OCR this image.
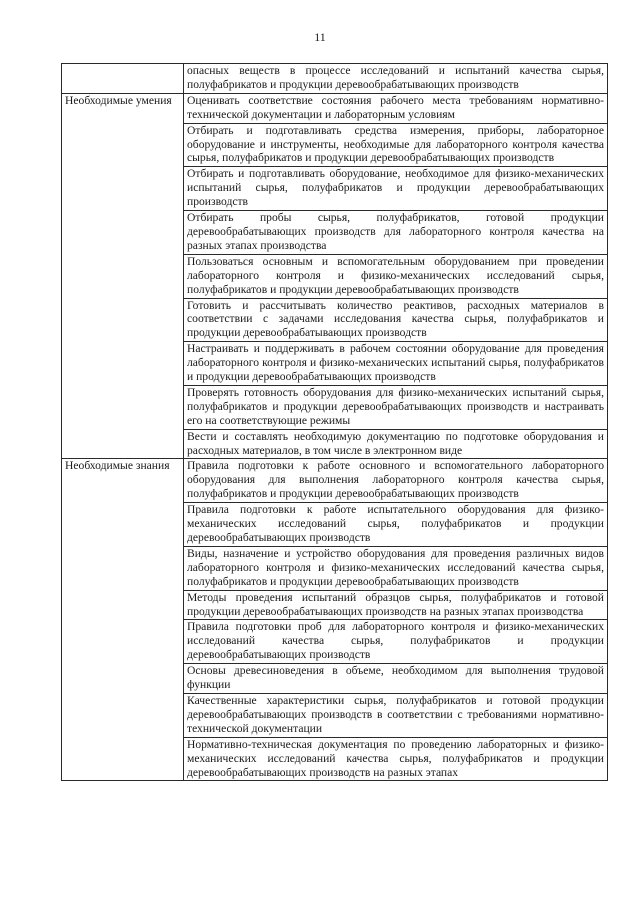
11
	опасных веществ в процессе исследований и испытаний качества сырья, полуфабрикатов и продукции деревообрабатывающих производств
Необходимые умения	Оценивать соответствие состояния рабочего места требованиям нормативно-технической документации и лабораторным условиям
	Отбирать и подготавливать средства измерения, приборы, лабораторное оборудование и инструменты, необходимые для лабораторного контроля качества сырья, полуфабрикатов и продукции деревообрабатывающих производств
	Отбирать и подготавливать оборудование, необходимое для физико-механических испытаний сырья, полуфабрикатов и продукции деревообрабатывающих производств
	Отбирать пробы сырья, полуфабрикатов, готовой продукции деревообрабатывающих производств для лабораторного контроля качества на разных этапах производства
	Пользоваться основным и вспомогательным оборудованием при проведении лабораторного контроля и физико-механических исследований сырья, полуфабрикатов и продукции деревообрабатывающих производств
	Готовить и рассчитывать количество реактивов, расходных материалов в соответствии с задачами исследования качества сырья, полуфабрикатов и продукции деревообрабатывающих производств
	Настраивать и поддерживать в рабочем состоянии оборудование для проведения лабораторного контроля и физико-механических испытаний сырья, полуфабрикатов и продукции деревообрабатывающих производств
	Проверять готовность оборудования для физико-механических испытаний сырья, полуфабрикатов и продукции деревообрабатывающих производств и настраивать его на соответствующие режимы
	Вести и составлять необходимую документацию по подготовке оборудования и расходных материалов, в том числе в электронном виде
Необходимые знания	Правила подготовки к работе основного и вспомогательного лабораторного оборудования для выполнения лабораторного контроля качества сырья, полуфабрикатов и продукции деревообрабатывающих производств
	Правила подготовки к работе испытательного оборудования для физико-механических исследований сырья, полуфабрикатов и продукции деревообрабатывающих производств
	Виды, назначение и устройство оборудования для проведения различных видов лабораторного контроля и физико-механических исследований качества сырья, полуфабрикатов и продукции деревообрабатывающих производств
	Методы проведения испытаний образцов сырья, полуфабрикатов и готовой продукции деревообрабатывающих производств на разных этапах производства
	Правила подготовки проб для лабораторного контроля и физико-механических исследований качества сырья, полуфабрикатов и продукции деревообрабатывающих производств
	Основы древесиноведения в объеме, необходимом для выполнения трудовой функции
	Качественные характеристики сырья, полуфабрикатов и готовой продукции деревообрабатывающих производств в соответствии с требованиями нормативно-технической документации
	Нормативно-техническая документация по проведению лабораторных и физико-механических исследований качества сырья, полуфабрикатов и продукции деревообрабатывающих производств на разных этапах
